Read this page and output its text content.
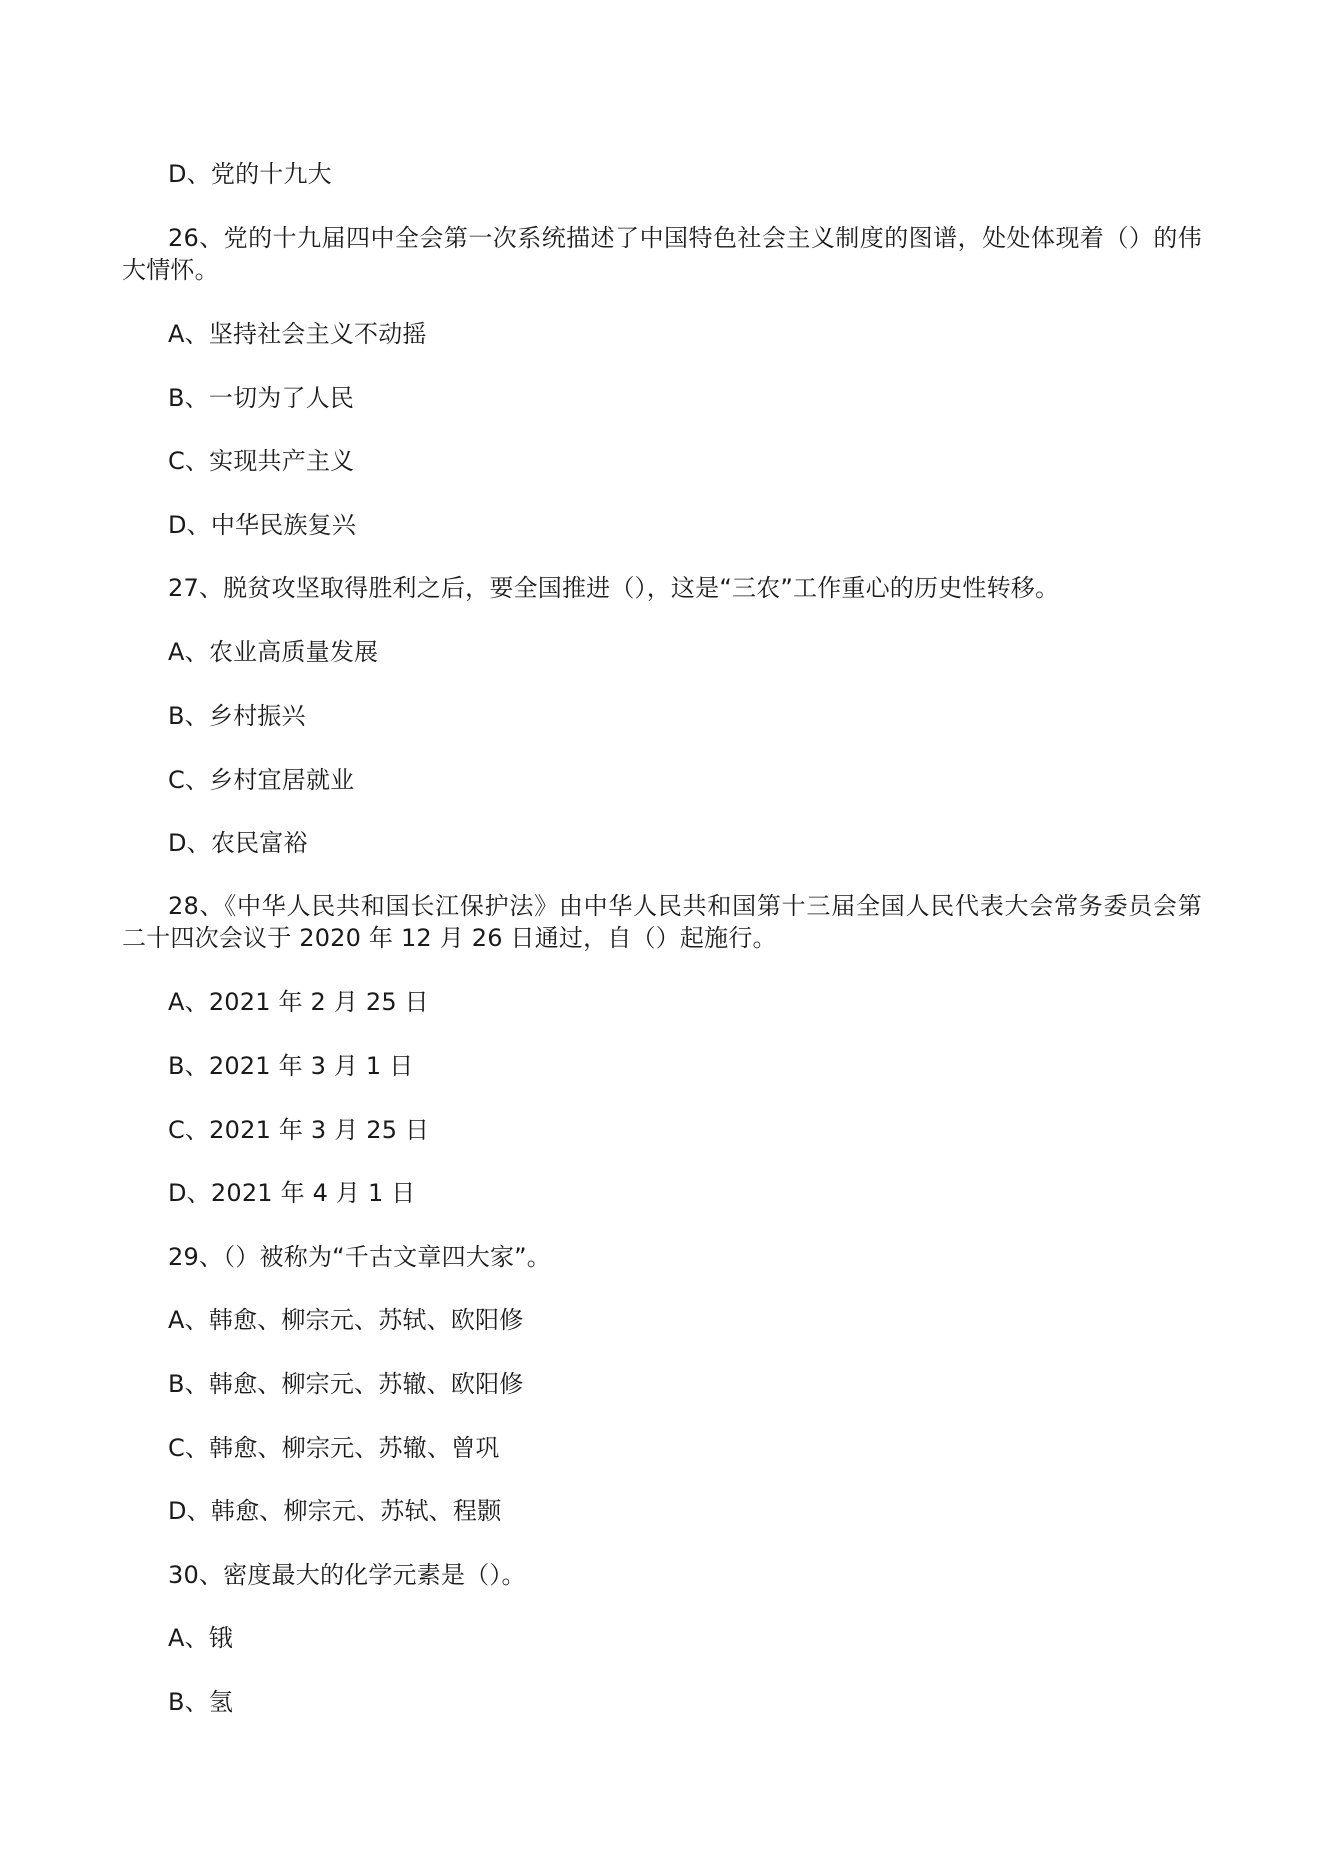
D、党的十九大
26、党的十九届四中全会第一次系统描述了中国特色社会主义制度的图谱，处处体现着（）的伟大情怀。
A、坚持社会主义不动摇
B、一切为了人民
C、实现共产主义
D、中华民族复兴
27、脱贫攻坚取得胜利之后，要全国推进（），这是“三农”工作重心的历史性转移。
A、农业高质量发展
B、乡村振兴
C、乡村宜居就业
D、农民富裕
28、《中华人民共和国长江保护法》由中华人民共和国第十三届全国人民代表大会常务委员会第二十四次会议于 2020 年 12 月 26 日通过，自（）起施行。
A、2021 年 2 月 25 日
B、2021 年 3 月 1 日
C、2021 年 3 月 25 日
D、2021 年 4 月 1 日
29、（）被称为“千古文章四大家”。
A、韩愈、柳宗元、苏轼、欧阳修
B、韩愈、柳宗元、苏辙、欧阳修
C、韩愈、柳宗元、苏辙、曾巩
D、韩愈、柳宗元、苏轼、程颢
30、密度最大的化学元素是（）。
A、锇
B、氢
